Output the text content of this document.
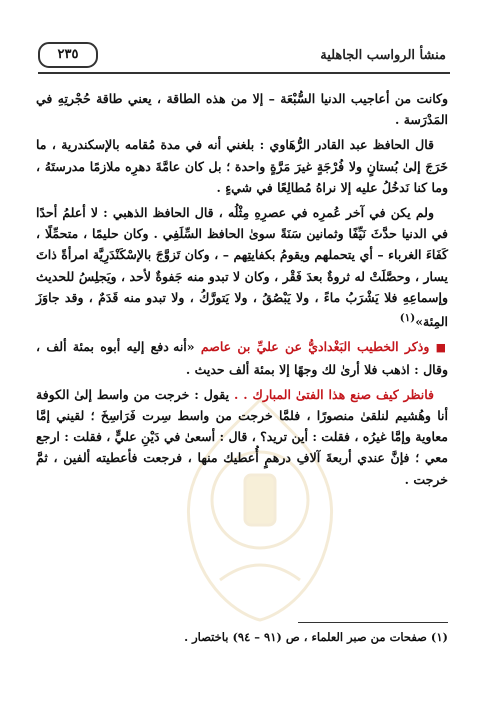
منشأ الرواسب الجاهلية
٢٣٥

وكانت من أعاجيب الدنيا السُّبْعَة – إلا من هذه الطاقة ، يعني طاقة حُجْرتِهِ في المَدْرَسة .

قال الحافظ عبد القادر الرُّهَاوي : بلغني أنه في مدة مُقامه بالإسكندرية ، ما خَرَجَ إلىٰ بُستانٍ ولا فُرْجَةٍ غيرَ مَرَّةٍ واحدة ؛ بل كان عامَّةَ دهرِه ملازمًا مدرستَهُ ، وما كنا نَدخُلُ عليه إلا نراهُ مُطالِعًا في شيءٍ .

ولم يكن في آخر عُمرِه في عصرِهِ مِثْلُه ، قال الحافظ الذهبي : لا أعلمُ أحدًا في الدنيا حدَّثَ نَيِّفًا وثمانين سَنَةً سوىٰ الحافظ السِّلَفِي . وكان حليمًا ، متحمِّلًا ، كَفَاءَ الغرباء – أي يتحملهم ويقومُ بكفايتِهم – ، وكان تَزوَّجَ بالإسْكَنْدَرِيَّة امرأةً ذاتَ يسار ، وحصَّلَتْ له ثروةٌ بعدَ فَقْر ، وكان لا تبدو منه جَفوةٌ لأحد ، ويَجلِسُ للحديث وإسماعِهِ فلا يَشْرَبُ ماءً ، ولا يَبْصُقُ ، ولا يَتورَّكُ ، ولا تبدو منه قَدَمٌ ، وقد جاوَزَ المِئة»$^{(١)}$

■ وذكر الخطيب البَغْداديُّ عن عليِّ بن عاصم «أنه دفع إليه أبوه بمئة ألف ، وقال : اذهب فلا أرىٰ لك وجهًا إلا بمئة ألف حديث .

فانظر كيف صنع هذا الفتىٰ المبارك . . يقول : خرجت من واسط إلىٰ الكوفة أنا وهُشيم لنلقىٰ منصورًا ، فلمَّا خرجت من واسط سِرت فَرَاسِخَ ؛ لقيني إمَّا معاوية وإمَّا غيرُه ، فقلت : أين تريد؟ ، قال : أسعىٰ في دَيْنِ عليٍّ ، فقلت : ارجع معي ؛ فإنَّ عندي أربعةَ آلافِ درهمٍ أُعطيك منها ، فرجعت فأعطيته ألفين ، ثمَّ خرجت .

(١) صفحات من صبر العلماء ، ص (٩١ – ٩٤) باختصار .
